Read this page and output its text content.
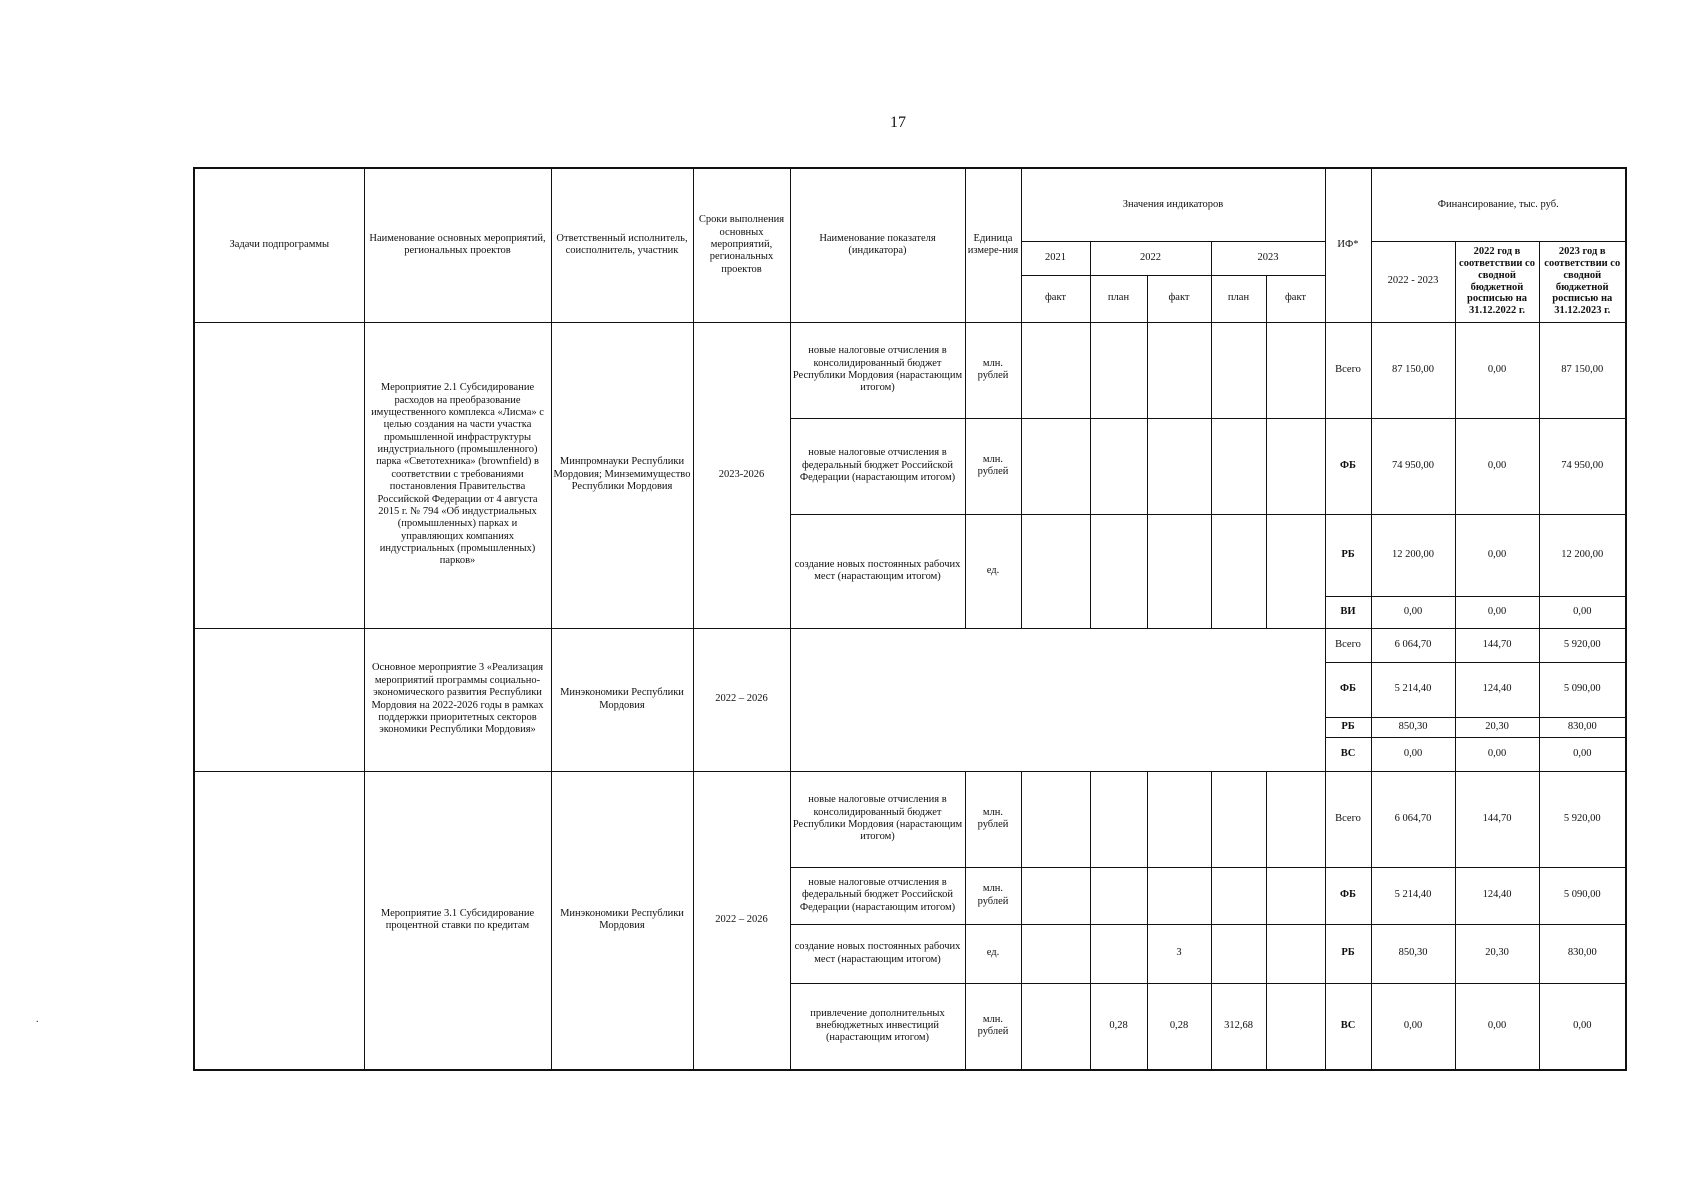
17
.
Задачи подпрограммы	Наименование основных мероприятий, региональных проектов	Ответственный исполнитель, соисполнитель, участник	Сроки выполнения основных мероприятий, региональных проектов	Наименование показателя (индикатора)	Единица измере-ния	Значения индикаторов					ИФ*	Финансирование, тыс. руб.		
						2021	2022		2023			2022 - 2023	2022 год в соответствии со сводной бюджетной росписью на 31.12.2022 г.	2023 год в соответствии со сводной бюджетной росписью на 31.12.2023 г.
						факт	план	факт	план	факт				
	Мероприятие 2.1 Субсидирование расходов на преобразование имущественного комплекса «Лисма» с целью создания на части участка промышленной инфраструктуры индустриального (промышленного) парка «Светотехника» (brownfield) в соответствии с требованиями постановления Правительства Российской Федерации от 4 августа 2015 г. № 794 «Об индустриальных (промышленных) парках и управляющих компаниях индустриальных (промышленных) парков»	Минпромнауки Республики Мордовия; Минземимущество Республики Мордовия	2023-2026	новые налоговые отчисления в консолидированный бюджет Республики Мордовия (нарастающим итогом)	млн. рублей						Всего	87 150,00	0,00	87 150,00
				новые налоговые отчисления в федеральный бюджет Российской Федерации (нарастающим итогом)	млн. рублей						ФБ	74 950,00	0,00	74 950,00
				создание новых постоянных рабочих мест (нарастающим итогом)	ед.						РБ	12 200,00	0,00	12 200,00
											ВИ	0,00	0,00	0,00
	Основное мероприятие 3 «Реализация мероприятий программы социально-экономического развития Республики Мордовия на 2022-2026 годы в рамках поддержки приоритетных секторов экономики Республики Мордовия»	Минэкономики Республики Мордовия	2022 – 2026								Всего	6 064,70	144,70	5 920,00
											ФБ	5 214,40	124,40	5 090,00
											РБ	850,30	20,30	830,00
											ВС	0,00	0,00	0,00
	Мероприятие 3.1 Субсидирование процентной ставки по кредитам	Минэкономики Республики Мордовия	2022 – 2026	новые налоговые отчисления в консолидированный бюджет Республики Мордовия (нарастающим итогом)	млн. рублей						Всего	6 064,70	144,70	5 920,00
				новые налоговые отчисления в федеральный бюджет Российской Федерации (нарастающим итогом)	млн. рублей						ФБ	5 214,40	124,40	5 090,00
				создание новых постоянных рабочих мест (нарастающим итогом)	ед.			3			РБ	850,30	20,30	830,00
				привлечение дополнительных внебюджетных инвестиций (нарастающим итогом)	млн. рублей		0,28	0,28	312,68		ВС	0,00	0,00	0,00
